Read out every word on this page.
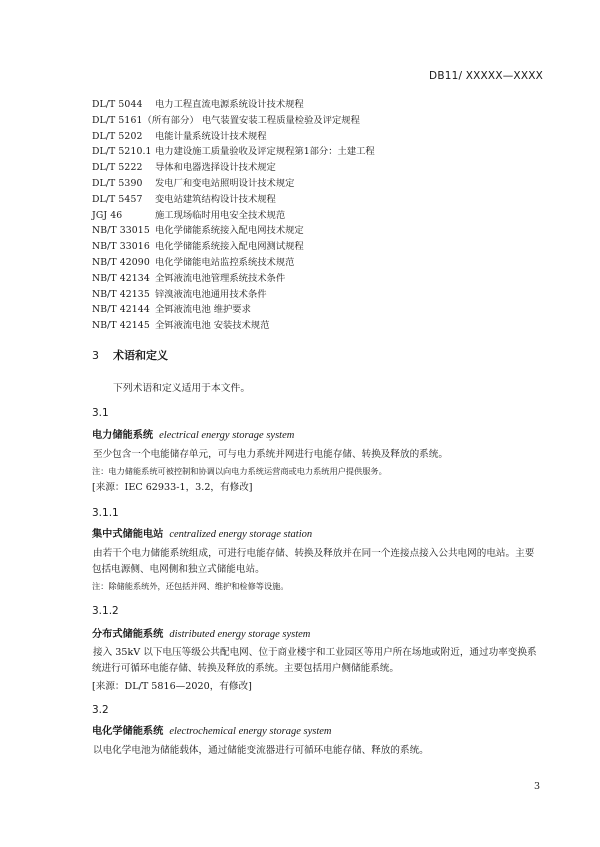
DB11/ XXXXX—XXXX
DL/T 5044 电力工程直流电源系统设计技术规程
DL/T 5161（所有部分） 电气装置安装工程质量检验及评定规程
DL/T 5202 电能计量系统设计技术规程
DL/T 5210.1 电力建设施工质量验收及评定规程第1部分：土建工程
DL/T 5222 导体和电器选择设计技术规定
DL/T 5390 发电厂和变电站照明设计技术规定
DL/T 5457 变电站建筑结构设计技术规程
JGJ 46	施工现场临时用电安全技术规范
NB/T 33015 电化学储能系统接入配电网技术规定
NB/T 33016 电化学储能系统接入配电网测试规程
NB/T 42090 电化学储能电站监控系统技术规范
NB/T 42134 全铒液流电池管理系统技术条件
NB/T 42135 锌溴液流电池通用技术条件
NB/T 42144 全铒液流电池 维护要求
NB/T 42145 全铒液流电池 安装技术规范
3 术语和定义
下列术语和定义适用于本文件。
3.1
电力储能系统 electrical energy storage system
至少包含一个电能储存单元，可与电力系统并网进行电能存储、转换及释放的系统。
注：电力储能系统可被控制和协调以向电力系统运营商或电力系统用户提供服务。
[来源：IEC 62933-1，3.2，有修改]
3.1.1
集中式储能电站 centralized energy storage station
由若干个电力储能系统组成，可进行电能存储、转换及释放并在同一个连接点接入公共电网的电站。主要包括电源侧、电网侧和独立式储能电站。
注：除储能系统外，还包括并网、维护和检修等设施。
3.1.2
分布式储能系统 distributed energy storage system
接入 35kV 以下电压等级公共配电网、位于商业楼宇和工业园区等用户所在场地或附近，通过功率变换系统进行可循环电能存储、转换及释放的系统。主要包括用户侧储能系统。
[来源：DL/T 5816—2020，有修改]
3.2
电化学储能系统 electrochemical energy storage system
以电化学电池为储能载体，通过储能变流器进行可循环电能存储、释放的系统。
3
